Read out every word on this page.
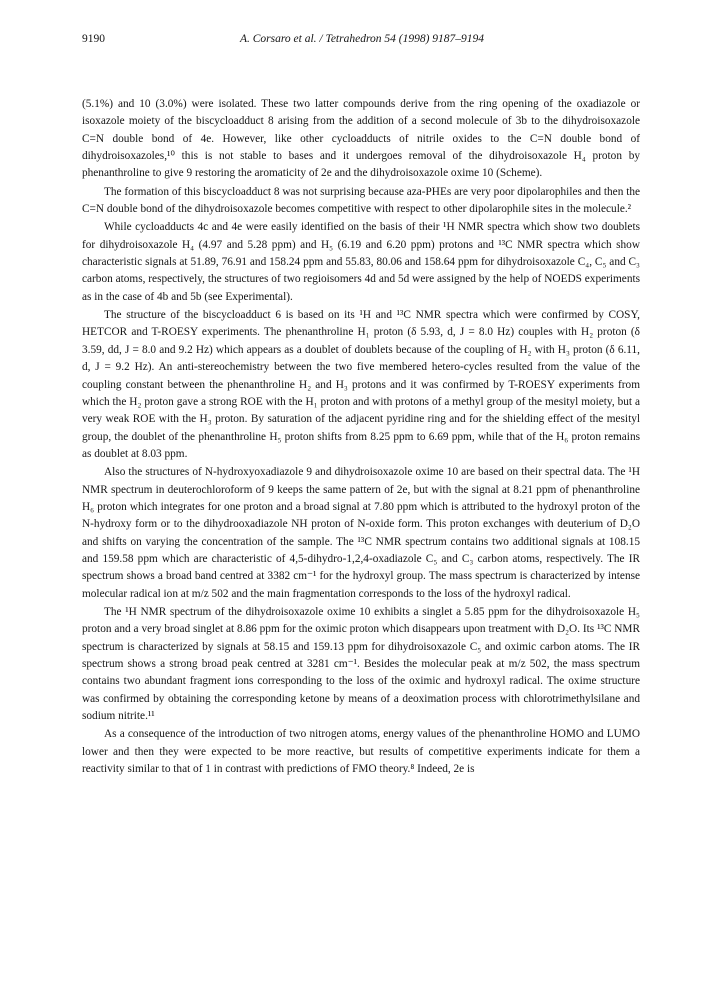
9190	A. Corsaro et al. / Tetrahedron 54 (1998) 9187–9194

(5.1%) and 10 (3.0%) were isolated. These two latter compounds derive from the ring opening of the oxadiazole or isoxazole moiety of the biscycloadduct 8 arising from the addition of a second molecule of 3b to the dihydroisoxazole C=N double bond of 4e. However, like other cycloadducts of nitrile oxides to the C=N double bond of dihydroisoxazoles,¹⁰ this is not stable to bases and it undergoes removal of the dihydroisoxazole H₄ proton by phenanthroline to give 9 restoring the aromaticity of 2e and the dihydroisoxazole oxime 10 (Scheme).

The formation of this biscycloadduct 8 was not surprising because aza-PHEs are very poor dipolarophiles and then the C=N double bond of the dihydroisoxazole becomes competitive with respect to other dipolarophile sites in the molecule.²

While cycloadducts 4c and 4e were easily identified on the basis of their ¹H NMR spectra which show two doublets for dihydroisoxazole H₄ (4.97 and 5.28 ppm) and H₅ (6.19 and 6.20 ppm) protons and ¹³C NMR spectra which show characteristic signals at 51.89, 76.91 and 158.24 ppm and 55.83, 80.06 and 158.64 ppm for dihydroisoxazole C₄, C₅ and C₃ carbon atoms, respectively, the structures of two regioisomers 4d and 5d were assigned by the help of NOEDS experiments as in the case of 4b and 5b (see Experimental).

The structure of the biscycloadduct 6 is based on its ¹H and ¹³C NMR spectra which were confirmed by COSY, HETCOR and T-ROESY experiments. The phenanthroline H₁ proton (δ 5.93, d, J = 8.0 Hz) couples with H₂ proton (δ 3.59, dd, J = 8.0 and 9.2 Hz) which appears as a doublet of doublets because of the coupling of H₂ with H₃ proton (δ 6.11, d, J = 9.2 Hz). An anti-stereochemistry between the two five membered hetero-cycles resulted from the value of the coupling constant between the phenanthroline H₂ and H₃ protons and it was confirmed by T-ROESY experiments from which the H₂ proton gave a strong ROE with the H₁ proton and with protons of a methyl group of the mesityl moiety, but a very weak ROE with the H₃ proton. By saturation of the adjacent pyridine ring and for the shielding effect of the mesityl group, the doublet of the phenanthroline H₅ proton shifts from 8.25 ppm to 6.69 ppm, while that of the H₆ proton remains as doublet at 8.03 ppm.

Also the structures of N-hydroxyoxadiazole 9 and dihydroisoxazole oxime 10 are based on their spectral data. The ¹H NMR spectrum in deuterochloroform of 9 keeps the same pattern of 2e, but with the signal at 8.21 ppm of phenanthroline H₆ proton which integrates for one proton and a broad signal at 7.80 ppm which is attributed to the hydroxyl proton of the N-hydroxy form or to the dihydrooxadiazole NH proton of N-oxide form. This proton exchanges with deuterium of D₂O and shifts on varying the concentration of the sample. The ¹³C NMR spectrum contains two additional signals at 108.15 and 159.58 ppm which are characteristic of 4,5-dihydro-1,2,4-oxadiazole C₅ and C₃ carbon atoms, respectively. The IR spectrum shows a broad band centred at 3382 cm⁻¹ for the hydroxyl group. The mass spectrum is characterized by intense molecular radical ion at m/z 502 and the main fragmentation corresponds to the loss of the hydroxyl radical.

The ¹H NMR spectrum of the dihydroisoxazole oxime 10 exhibits a singlet a 5.85 ppm for the dihydroisoxazole H₅ proton and a very broad singlet at 8.86 ppm for the oximic proton which disappears upon treatment with D₂O. Its ¹³C NMR spectrum is characterized by signals at 58.15 and 159.13 ppm for dihydroisoxazole C₅ and oximic carbon atoms. The IR spectrum shows a strong broad peak centred at 3281 cm⁻¹. Besides the molecular peak at m/z 502, the mass spectrum contains two abundant fragment ions corresponding to the loss of the oximic and hydroxyl radical. The oxime structure was confirmed by obtaining the corresponding ketone by means of a deoximation process with chlorotrimethylsilane and sodium nitrite.¹¹

As a consequence of the introduction of two nitrogen atoms, energy values of the phenanthroline HOMO and LUMO lower and then they were expected to be more reactive, but results of competitive experiments indicate for them a reactivity similar to that of 1 in contrast with predictions of FMO theory.⁸ Indeed, 2e is
